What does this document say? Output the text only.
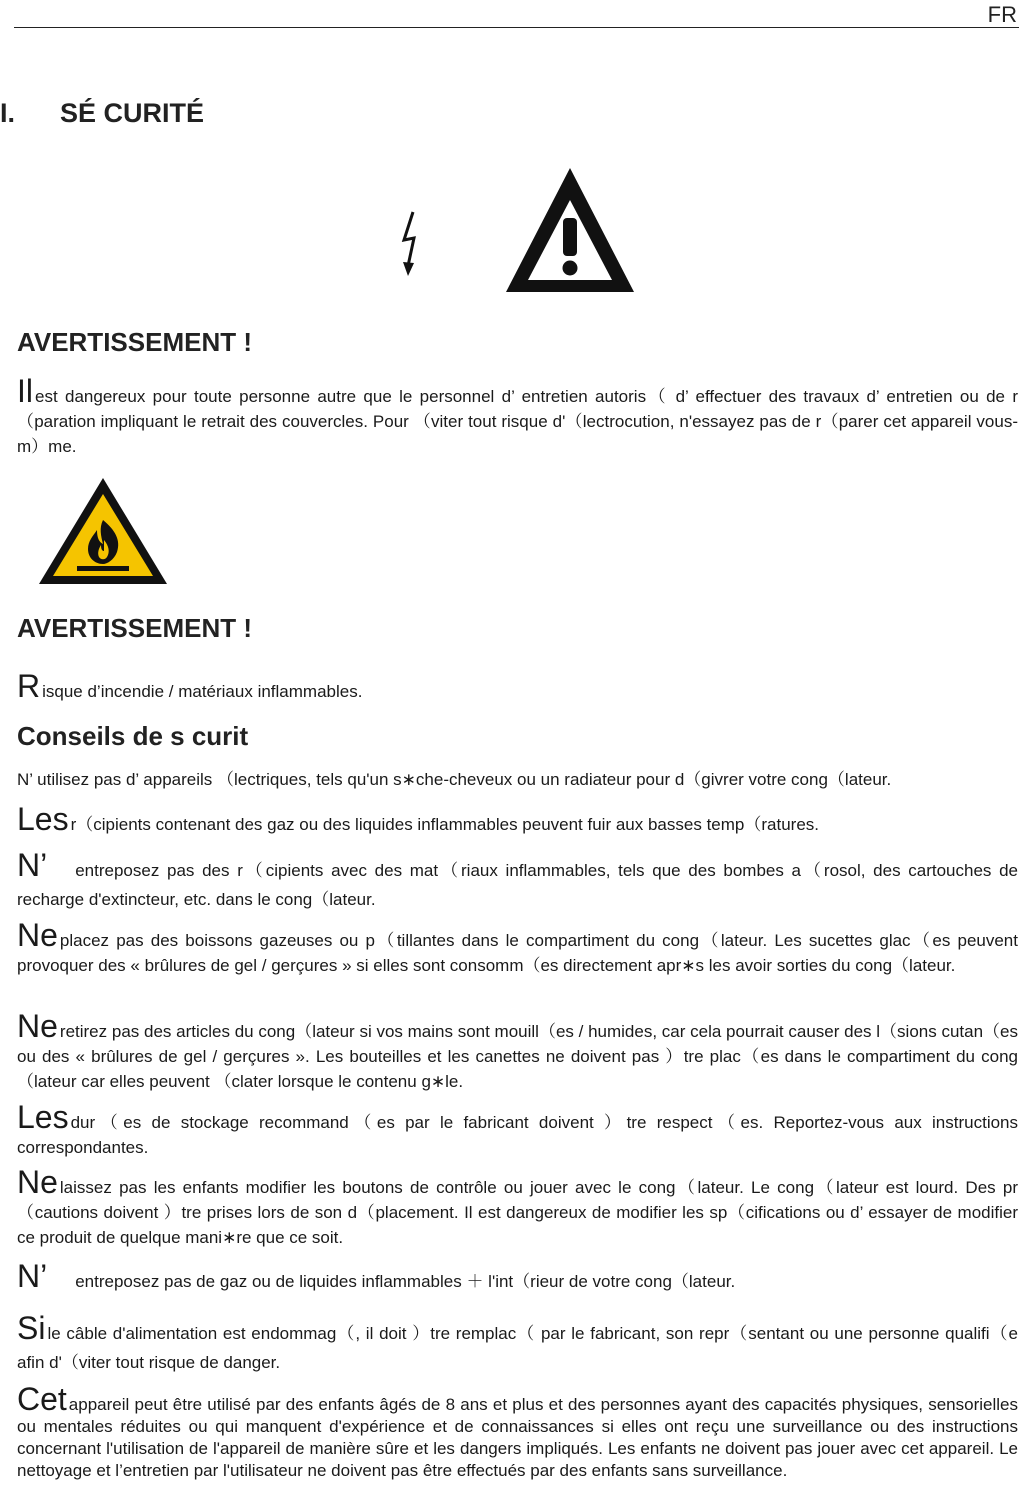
FR
I. SÉ CURITÉ
AVERTISSEMENT !

Il est dangereux pour toute personne autre que le personnel d’ entretien autoris（ d’ effectuer des travaux d’ entretien ou de r（paration impliquant le retrait des couvercles. Pour （viter tout risque d'（lectrocution, n'essayez pas de r（parer cet appareil vous-m）me.

AVERTISSEMENT !

Risque d’incendie / matériaux inflammables.

Conseils de s curit

N’ utilisez pas d’ appareils （lectriques, tels qu'un s∗che-cheveux ou un radiateur pour d（givrer votre cong（lateur.

Les r（cipients contenant des gaz ou des liquides inflammables peuvent fuir aux basses temp（ratures.

N’ entreposez pas des r（cipients avec des mat（riaux inflammables, tels que des bombes a（rosol, des cartouches de recharge d'extincteur, etc. dans le cong（lateur.

Ne placez pas des boissons gazeuses ou p（tillantes dans le compartiment du cong（lateur. Les sucettes glac（es peuvent provoquer des « brûlures de gel / gerçures » si elles sont consomm（es directement apr∗s les avoir sorties du cong（lateur.

Ne retirez pas des articles du cong（lateur si vos mains sont mouill（es / humides, car cela pourrait causer des l（sions cutan（es ou des « brûlures de gel / gerçures ». Les bouteilles et les canettes ne doivent pas ）tre plac（es dans le compartiment du cong（lateur car elles peuvent （clater lorsque le contenu g∗le.

Les dur（es de stockage recommand（es par le fabricant doivent ）tre respect（es. Reportez-vous aux instructions correspondantes.

Ne laissez pas les enfants modifier les boutons de contrôle ou jouer avec le cong（lateur. Le cong（lateur est lourd. Des pr（cautions doivent ）tre prises lors de son d（placement. Il est dangereux de modifier les sp（cifications ou d’ essayer de modifier ce produit de quelque mani∗re que ce soit.

N’ entreposez pas de gaz ou de liquides inflammables ＋ l'int（rieur de votre cong（lateur.

Si le câble d'alimentation est endommag（, il doit ）tre remplac（ par le fabricant, son repr（sentant ou une personne qualifi（e afin d'（viter tout risque de danger.

Cet appareil peut être utilisé par des enfants âgés de 8 ans et plus et des personnes ayant des capacités physiques, sensorielles ou mentales réduites ou qui manquent d'expérience et de connaissances si elles ont reçu une surveillance ou des instructions concernant l'utilisation de l'appareil de manière sûre et les dangers impliqués. Les enfants ne doivent pas jouer avec cet appareil. Le nettoyage et l’entretien par l'utilisateur ne doivent pas être effectués par des enfants sans surveillance.
